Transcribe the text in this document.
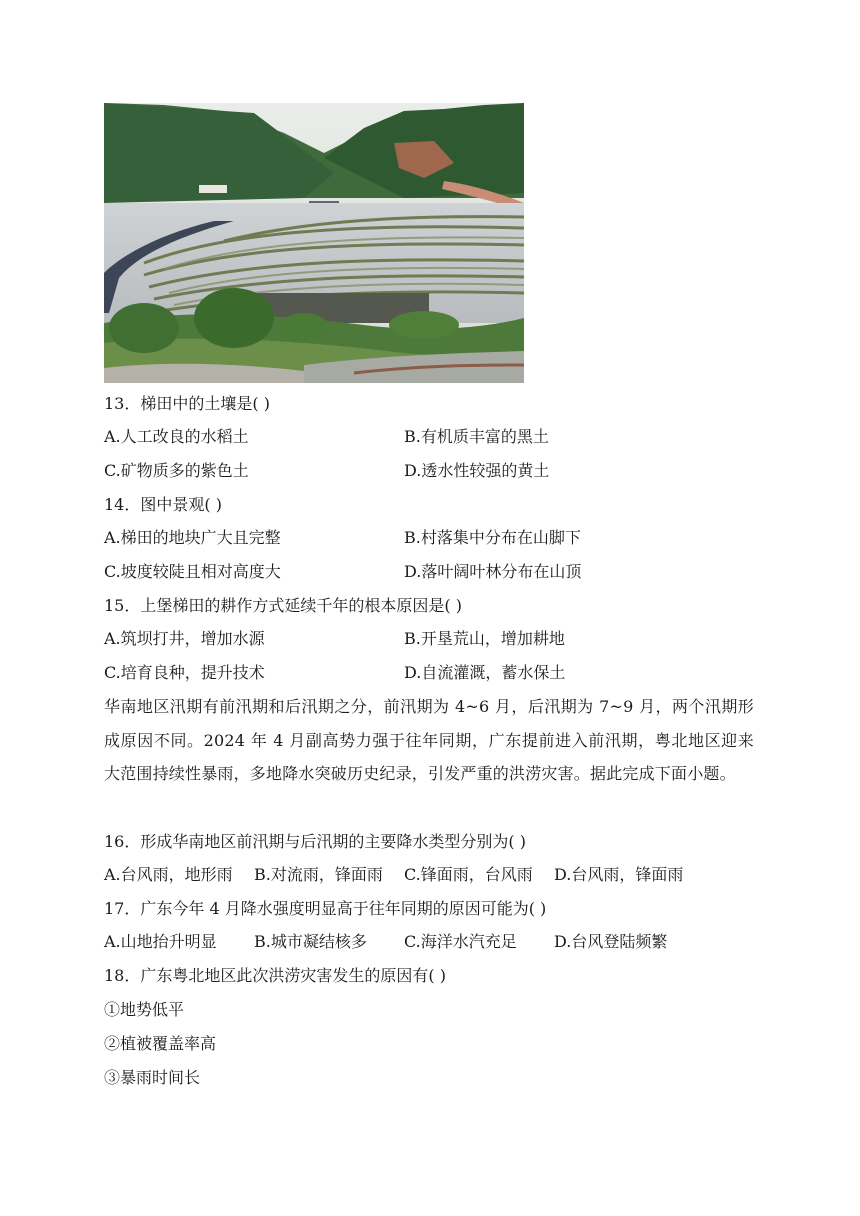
13．梯田中的土壤是( )
A.人工改良的水稻土	B.有机质丰富的黑土
C.矿物质多的紫色土	D.透水性较强的黄土
14．图中景观( )
A.梯田的地块广大且完整	B.村落集中分布在山脚下
C.坡度较陡且相对高度大	D.落叶阔叶林分布在山顶
15．上堡梯田的耕作方式延续千年的根本原因是( )
A.筑坝打井，增加水源	B.开垦荒山，增加耕地
C.培育良种，提升技术	D.自流灌溉，蓄水保土
华南地区汛期有前汛期和后汛期之分，前汛期为 4~6 月，后汛期为 7~9 月，两个汛期形成原因不同。2024 年 4 月副高势力强于往年同期，广东提前进入前汛期，粤北地区迎来大范围持续性暴雨，多地降水突破历史纪录，引发严重的洪涝灾害。据此完成下面小题。
16．形成华南地区前汛期与后汛期的主要降水类型分别为( )
A.台风雨，地形雨 B.对流雨，锋面雨 C.锋面雨，台风雨 D.台风雨，锋面雨
17．广东今年 4 月降水强度明显高于往年同期的原因可能为( )
A.山地抬升明显 B.城市凝结核多 C.海洋水汽充足 D.台风登陆频繁
18．广东粤北地区此次洪涝灾害发生的原因有( )
①地势低平
②植被覆盖率高
③暴雨时间长
